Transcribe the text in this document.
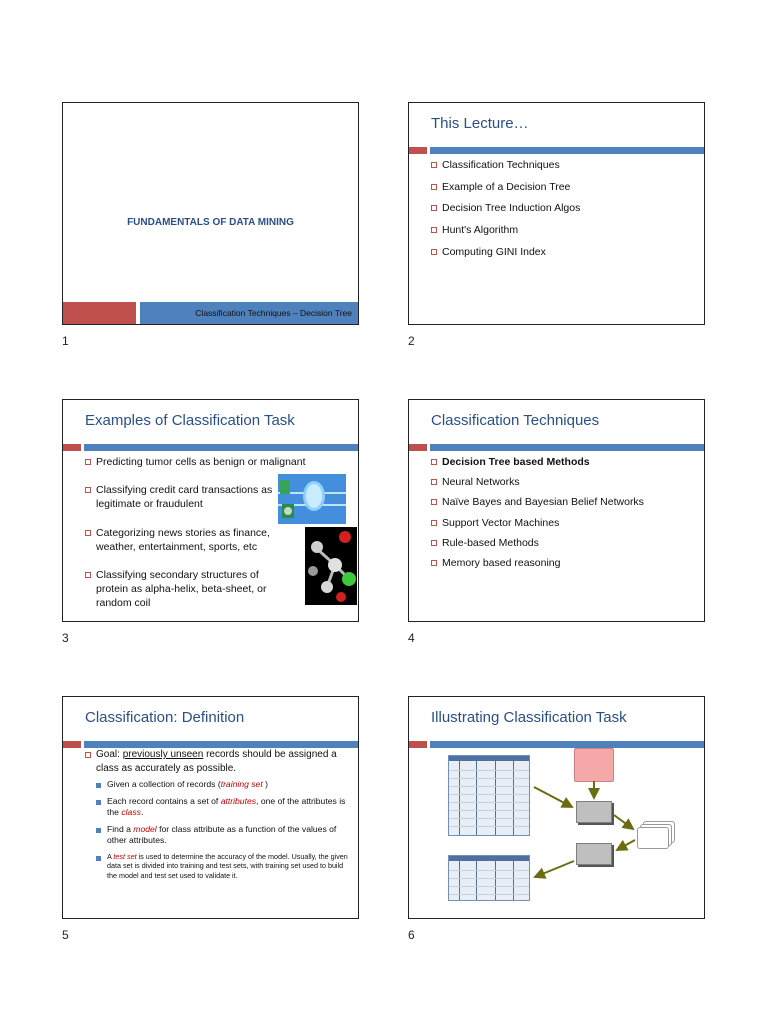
FUNDAMENTALS OF DATA MINING
Classification Techniques – Decision Tree
1
This Lecture…
Classification Techniques
Example of a Decision Tree
Decision Tree Induction Algos
Hunt's Algorithm
Computing GINI Index
2
Examples of Classification Task
Predicting tumor cells as benign or malignant
Classifying credit card transactions as legitimate or fraudulent
Categorizing news stories as finance, weather, entertainment, sports, etc
Classifying secondary structures of protein as alpha-helix, beta-sheet, or random coil
3
Classification Techniques
Decision Tree based Methods
Neural Networks
Naïve Bayes and Bayesian Belief Networks
Support Vector Machines
Rule-based Methods
Memory based reasoning
4
Classification: Definition
Goal: previously unseen records should be assigned a class as accurately as possible.
Given a collection of records (training set )
Each record contains a set of attributes, one of the attributes is the class.
Find a model for class attribute as a function of the values of other attributes.
A test set is used to determine the accuracy of the model. Usually, the given data set is divided into training and test sets, with training set used to build the model and test set used to validate it.
5
Illustrating Classification Task
6
